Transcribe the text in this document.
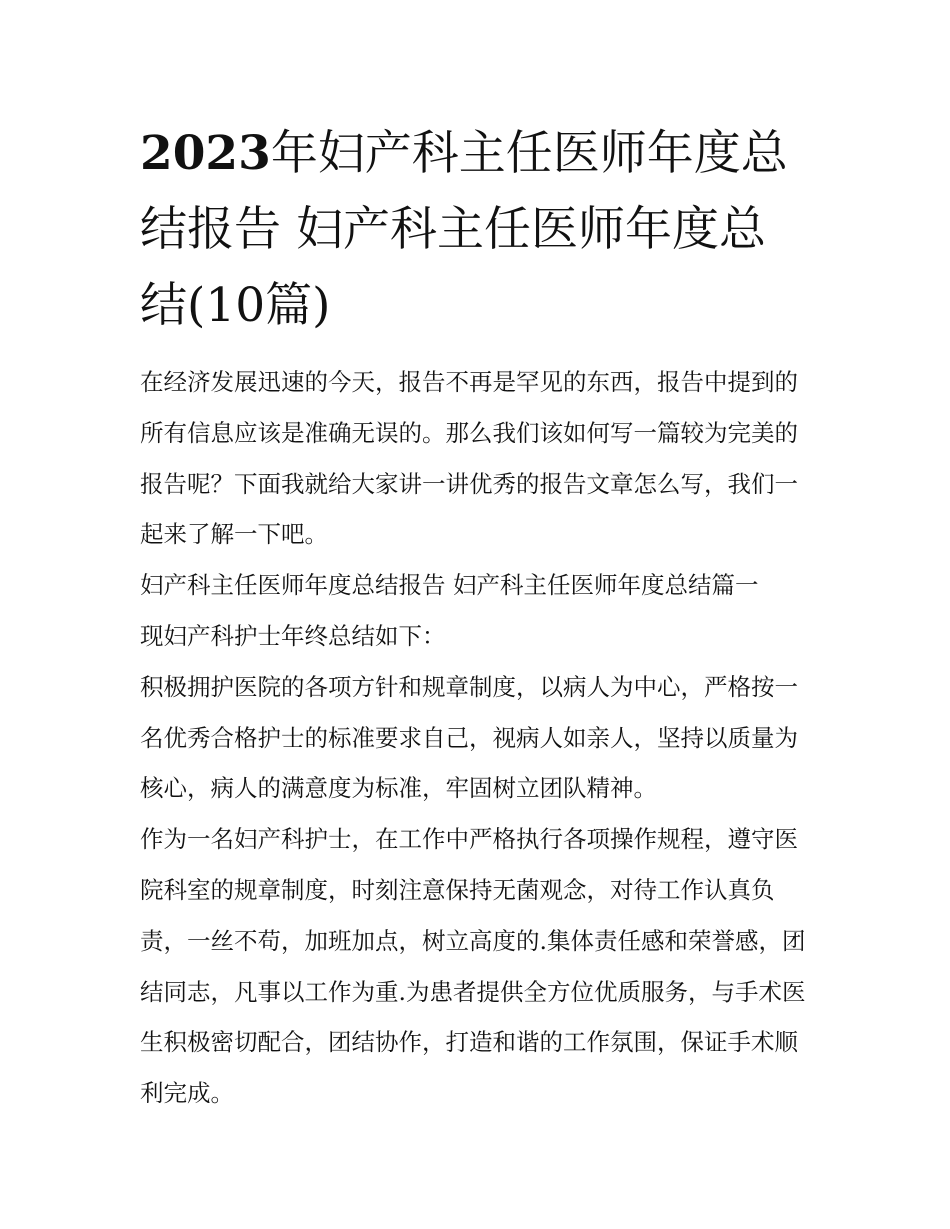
2023年妇产科主任医师年度总
结报告 妇产科主任医师年度总
结(10篇)

在经济发展迅速的今天，报告不再是罕见的东西，报告中提到的所有信息应该是准确无误的。那么我们该如何写一篇较为完美的报告呢？下面我就给大家讲一讲优秀的报告文章怎么写，我们一起来了解一下吧。

妇产科主任医师年度总结报告 妇产科主任医师年度总结篇一

现妇产科护士年终总结如下：

积极拥护医院的各项方针和规章制度，以病人为中心，严格按一名优秀合格护士的标准要求自己，视病人如亲人，坚持以质量为核心，病人的满意度为标准，牢固树立团队精神。

作为一名妇产科护士，在工作中严格执行各项操作规程，遵守医院科室的规章制度，时刻注意保持无菌观念，对待工作认真负责，一丝不苟，加班加点，树立高度的.集体责任感和荣誉感，团结同志，凡事以工作为重.为患者提供全方位优质服务，与手术医生积极密切配合，团结协作，打造和谐的工作氛围，保证手术顺利完成。
